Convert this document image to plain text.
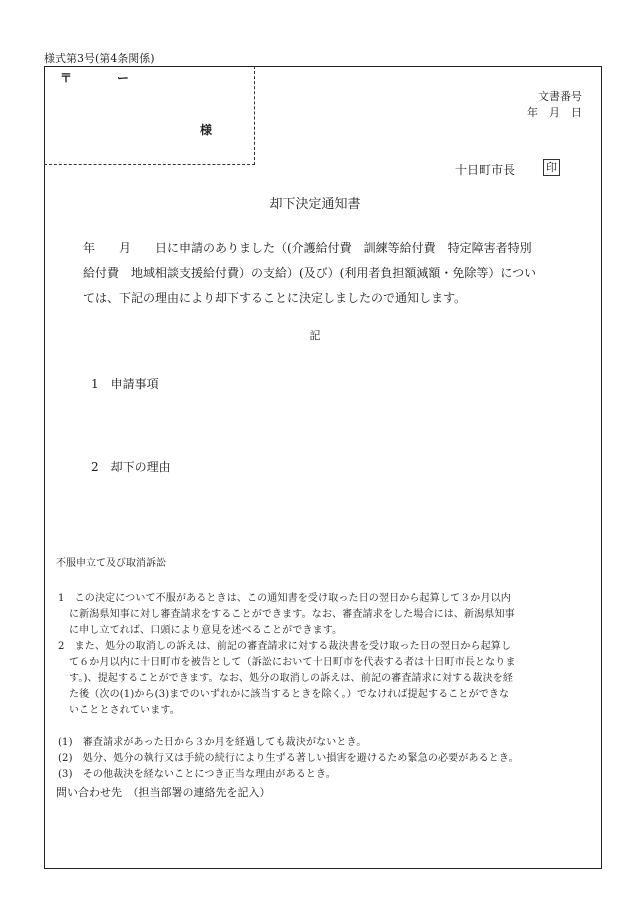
様式第3号(第4条関係)
〒	ー
様
文書番号
年　月　日
十日町市長	印
却下決定通知書
年　　月　　日に申請のありました（(介護給付費　訓練等給付費　特定障害者特別
給付費　地域相談支援給付費）の支給）(及び）(利用者負担額減額・免除等）につい
ては、下記の理由により却下することに決定しましたので通知します。
記
1　申請事項
2　却下の理由
不服申立て及び取消訴訟
1　この決定について不服があるときは、この通知書を受け取った日の翌日から起算して３か月以内
に新潟県知事に対し審査請求をすることができます。なお、審査請求をした場合には、新潟県知事
に申し立てれば、口頭により意見を述べることができます。
2　また、処分の取消しの訴えは、前記の審査請求に対する裁決書を受け取った日の翌日から起算し
て６か月以内に十日町市を被告として（訴訟において十日町市を代表する者は十日町市長となりま
す。)、提起することができます。なお、処分の取消しの訴えは、前記の審査請求に対する裁決を経
た後（次の(1)から(3)までのいずれかに該当するときを除く。）でなければ提起することができな
いこととされています。
(1)　審査請求があった日から３か月を経過しても裁決がないとき。
(2)　処分、処分の執行又は手続の続行により生ずる著しい損害を避けるため緊急の必要があるとき。
(3)　その他裁決を経ないことにつき正当な理由があるとき。
問い合わせ先　（担当部署の連絡先を記入）
